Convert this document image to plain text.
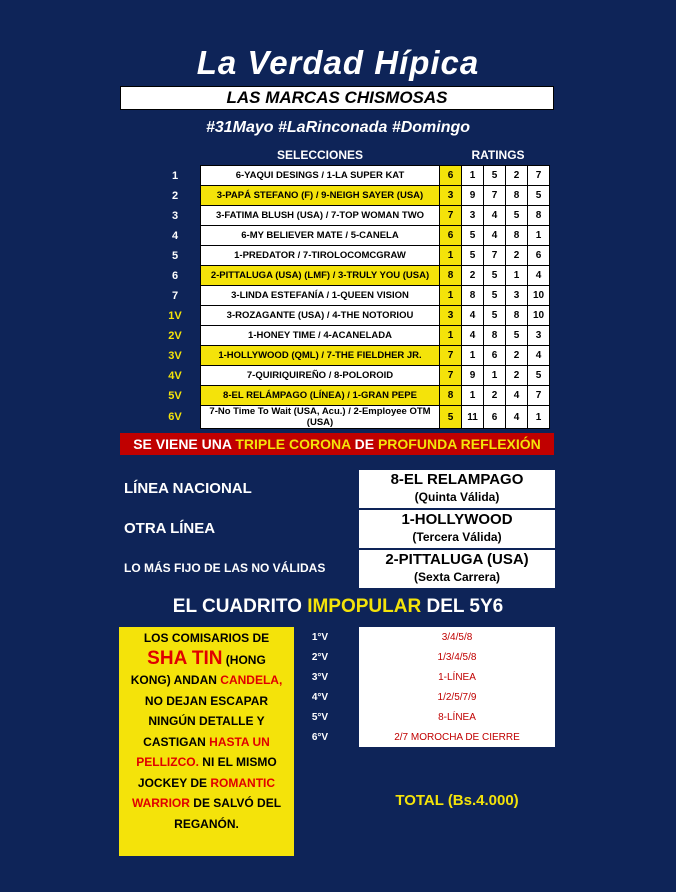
La Verdad Hípica
LAS MARCAS CHISMOSAS
#31Mayo #LaRinconada #Domingo
SELECCIONES	RATINGS
1	6-YAQUI DESINGS / 1-LA SUPER KAT	6	1	5	2	7
2	3-PAPÁ STEFANO (F) / 9-NEIGH SAYER (USA)	3	9	7	8	5
3	3-FATIMA BLUSH (USA) / 7-TOP WOMAN TWO	7	3	4	5	8
4	6-MY BELIEVER MATE / 5-CANELA	6	5	4	8	1
5	1-PREDATOR / 7-TIROLOCOMCGRAW	1	5	7	2	6
6	2-PITTALUGA (USA) (LMF) / 3-TRULY YOU (USA)	8	2	5	1	4
7	3-LINDA ESTEFANÍA / 1-QUEEN VISION	1	8	5	3	10
1V	3-ROZAGANTE (USA) / 4-THE NOTORIOU	3	4	5	8	10
2V	1-HONEY TIME / 4-ACANELADA	1	4	8	5	3
3V	1-HOLLYWOOD (QML) / 7-THE FIELDHER JR.	7	1	6	2	4
4V	7-QUIRIQUIREÑO / 8-POLOROID	7	9	1	2	5
5V	8-EL RELÁMPAGO (LÍNEA) / 1-GRAN PEPE	8	1	2	4	7
6V	7-No Time To Wait (USA, Acu.) / 2-Employee OTM (USA)	5	11	6	4	1
SE VIENE UNA TRIPLE CORONA DE PROFUNDA REFLEXIÓN
LÍNEA NACIONAL
8-EL RELAMPAGO
(Quinta Válida)
OTRA LÍNEA
1-HOLLYWOOD
(Tercera Válida)
LO MÁS FIJO DE LAS NO VÁLIDAS	2-PITTALUGA (USA)
(Sexta Carrera)
EL CUADRITO IMPOPULAR DEL 5Y6
LOS COMISARIOS DE
SHA TIN (HONG
KONG) ANDAN CANDELA,
NO DEJAN ESCAPAR
NINGÚN DETALLE Y
CASTIGAN HASTA UN
PELLIZCO. NI EL MISMO
JOCKEY DE ROMANTIC
WARRIOR DE SALVÓ DEL
REGANÓN.
1°V	3/4/5/8
2°V	1/3/4/5/8
3°V	1-LÍNEA
4°V	1/2/5/7/9
5°V	8-LÍNEA
6°V	2/7 MOROCHA DE CIERRE
TOTAL (Bs.4.000)
